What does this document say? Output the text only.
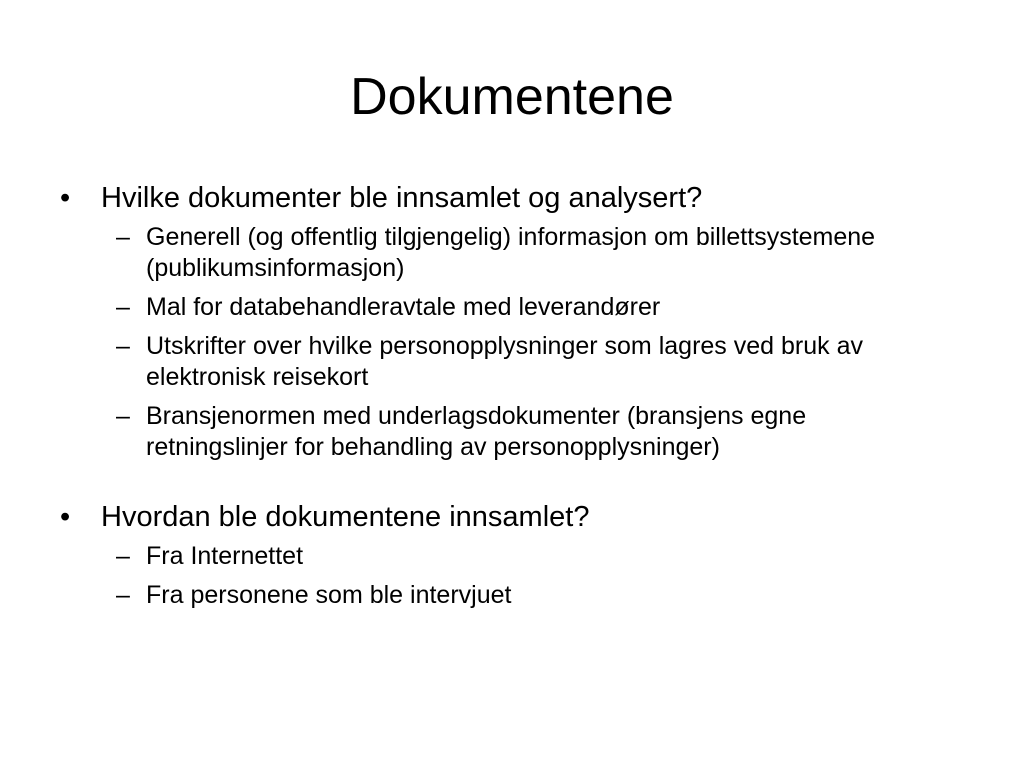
Dokumentene
•	Hvilke dokumenter ble innsamlet og analysert?
– Generell (og offentlig tilgjengelig) informasjon om billettsystemene (publikumsinformasjon)
– Mal for databehandleravtale med leverandører
– Utskrifter over hvilke personopplysninger som lagres ved bruk av elektronisk reisekort
– Bransjenormen med underlagsdokumenter (bransjens egne retningslinjer for behandling av personopplysninger)
•	Hvordan ble dokumentene innsamlet?
– Fra Internettet
– Fra personene som ble intervjuet
